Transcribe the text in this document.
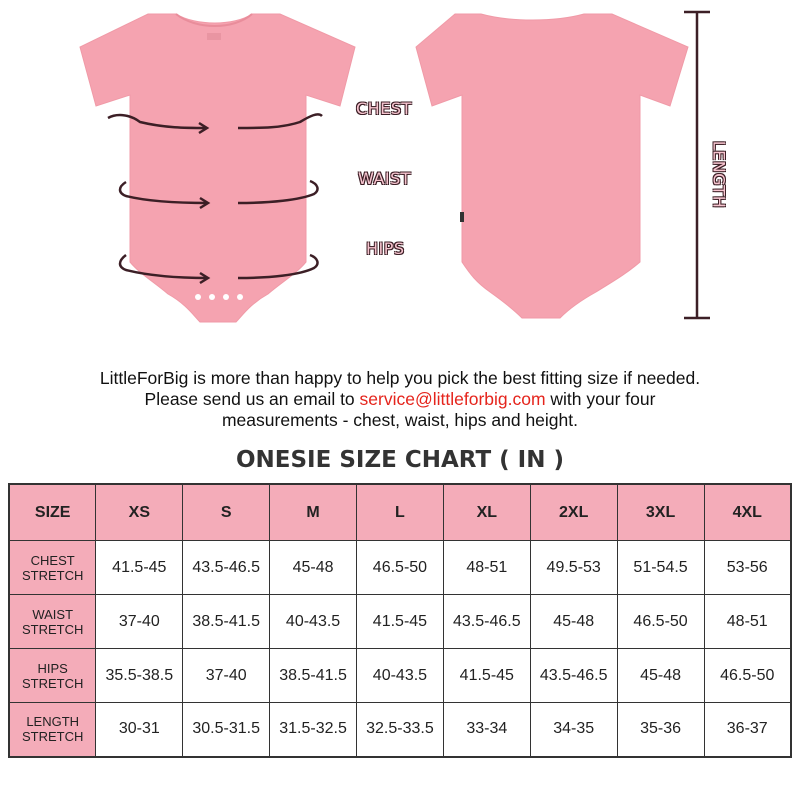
CHEST
WAIST
HIPS
LENGTH
LittleForBig is more than happy to help you pick the best fitting size if needed.
Please send us an email to service@littleforbig.com with your four
measurements - chest, waist, hips and height.
ONESIE SIZE CHART ( IN )
SIZE	XS	S	M	L	XL	2XL	3XL	4XL
CHEST
STRETCH	41.5-45	43.5-46.5	45-48	46.5-50	48-51	49.5-53	51-54.5	53-56
WAIST
STRETCH	37-40	38.5-41.5	40-43.5	41.5-45	43.5-46.5	45-48	46.5-50	48-51
HIPS
STRETCH	35.5-38.5	37-40	38.5-41.5	40-43.5	41.5-45	43.5-46.5	45-48	46.5-50
LENGTH
STRETCH	30-31	30.5-31.5	31.5-32.5	32.5-33.5	33-34	34-35	35-36	36-37
